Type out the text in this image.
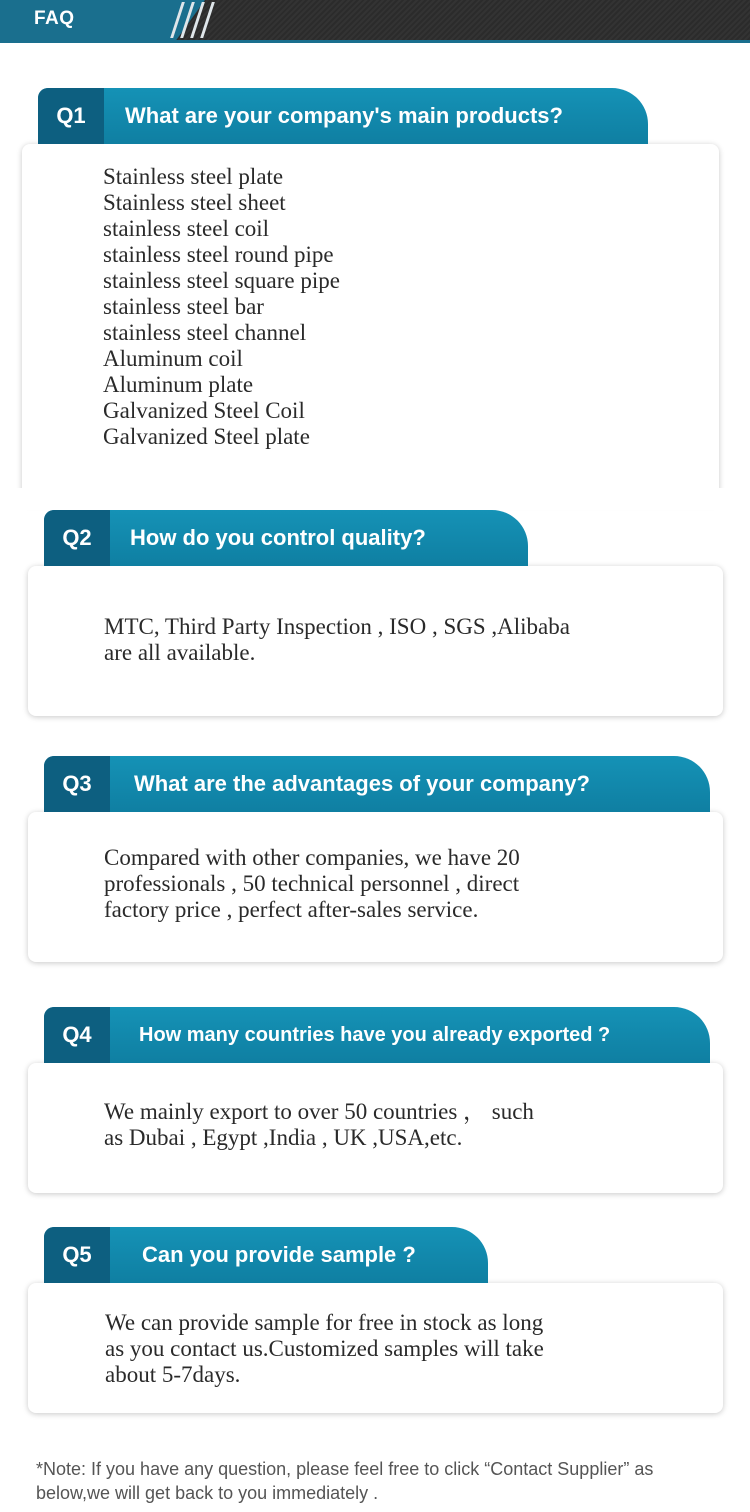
FAQ
Stainless steel plate
Stainless steel sheet
stainless steel coil
stainless steel round pipe
stainless steel square pipe
stainless steel bar
stainless steel channel
Aluminum coil
Aluminum plate
Galvanized Steel Coil
Galvanized Steel plate
Q1	What are your company's main products?
MTC, Third Party Inspection , ISO , SGS ,Alibaba
are all available.
Q2	How do you control quality?
Compared with other companies, we have 20
professionals , 50 technical personnel , direct
factory price , perfect after-sales service.
Q3	What are the advantages of your company?
We mainly export to over 50 countries ， such
as Dubai , Egypt ,India , UK ,USA,etc.
Q4	How many countries have you already exported ?
We can provide sample for free in stock as long
as you contact us.Customized samples will take
about 5-7days.
Q5	Can you provide sample ?
*Note: If you have any question, please feel free to click “Contact Supplier” as below,we will get back to you immediately .
